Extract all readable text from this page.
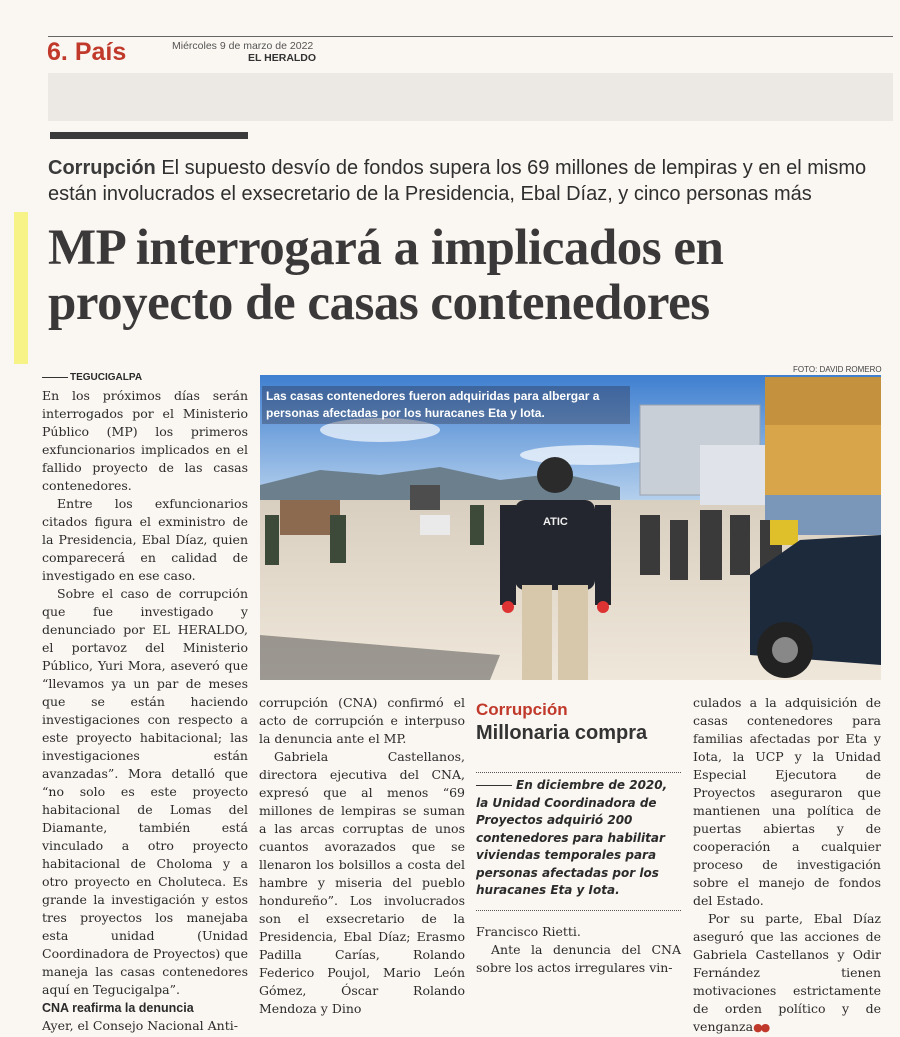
6. País	Miércoles 9 de marzo de 2022
EL HERALDO
Corrupción El supuesto desvío de fondos supera los 69 millones de lempiras y en el mismo están involucrados el exsecretario de la Presidencia, Ebal Díaz, y cinco personas más
MP interrogará a implicados en proyecto de casas contenedores

TEGUCIGALPA

En los próximos días serán interrogados por el Ministerio Público (MP) los primeros exfuncionarios implicados en el fallido proyecto de las casas contenedores.

Entre los exfuncionarios citados figura el exministro de la Presidencia, Ebal Díaz, quien comparecerá en calidad de investigado en ese caso.

Sobre el caso de corrupción que fue investigado y denunciado por EL HERALDO, el portavoz del Ministerio Público, Yuri Mora, aseveró que “llevamos ya un par de meses que se están haciendo investigaciones con respecto a este proyecto habitacional; las investigaciones están avanzadas”. Mora detalló que “no solo es este proyecto habitacional de Lomas del Diamante, también está vinculado a otro proyecto habitacional de Choloma y a otro proyecto en Choluteca. Es grande la investigación y estos tres proyectos los manejaba esta unidad (Unidad Coordinadora de Proyectos) que maneja las casas contenedores aquí en Tegucigalpa”.

CNA reafirma la denuncia

Ayer, el Consejo Nacional Anti-

FOTO: DAVID ROMERO
ATIC
Las casas contenedores fueron adquiridas para albergar a personas afectadas por los huracanes Eta y Iota.

corrupción (CNA) confirmó el acto de corrupción e interpuso la denuncia ante el MP.

Gabriela Castellanos, directora ejecutiva del CNA, expresó que al menos “69 millones de lempiras se suman a las arcas corruptas de unos cuantos avorazados que se llenaron los bolsillos a costa del hambre y miseria del pueblo hondureño”. Los involucrados son el exsecretario de la Presidencia, Ebal Díaz; Erasmo Padilla Carías, Rolando Federico Poujol, Mario León Gómez, Óscar Rolando Mendoza y Dino

Corrupción
Millonaria compra
En diciembre de 2020, la Unidad Coordinadora de Proyectos adquirió 200 contenedores para habilitar viviendas temporales para personas afectadas por los huracanes Eta y Iota.

Francisco Rietti.

Ante la denuncia del CNA sobre los actos irregulares vin-

culados a la adquisición de casas contenedores para familias afectadas por Eta y Iota, la UCP y la Unidad Especial Ejecutora de Proyectos aseguraron que mantienen una política de puertas abiertas y de cooperación a cualquier proceso de investigación sobre el manejo de fondos del Estado.

Por su parte, Ebal Díaz aseguró que las acciones de Gabriela Castellanos y Odir Fernández tienen motivaciones estrictamente de orden político y de venganza●●
